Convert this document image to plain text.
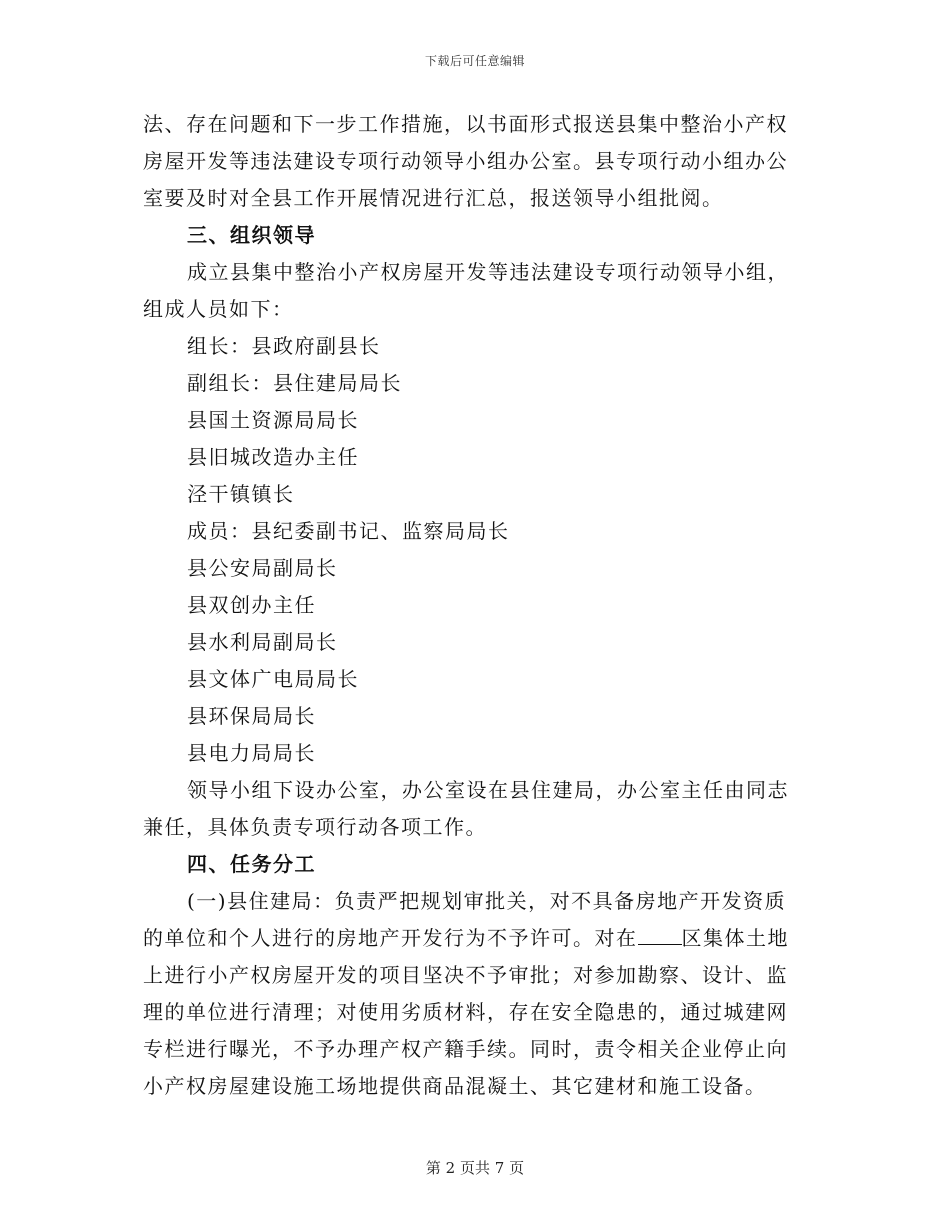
下载后可任意编辑
法、存在问题和下一步工作措施，以书面形式报送县集中整治小产权
房屋开发等违法建设专项行动领导小组办公室。县专项行动小组办公
室要及时对全县工作开展情况进行汇总，报送领导小组批阅。
三、组织领导
成立县集中整治小产权房屋开发等违法建设专项行动领导小组，
组成人员如下：
组长：县政府副县长
副组长：县住建局局长
县国土资源局局长
县旧城改造办主任
泾干镇镇长
成员：县纪委副书记、监察局局长
县公安局副局长
县双创办主任
县水利局副局长
县文体广电局局长
县环保局局长
县电力局局长
领导小组下设办公室，办公室设在县住建局，办公室主任由同志
兼任，具体负责专项行动各项工作。
四、任务分工
(一)县住建局：负责严把规划审批关，对不具备房地产开发资质
的单位和个人进行的房地产开发行为不予许可。对在 区集体土地
上进行小产权房屋开发的项目坚决不予审批；对参加勘察、设计、监
理的单位进行清理；对使用劣质材料，存在安全隐患的，通过城建网
专栏进行曝光，不予办理产权产籍手续。同时，责令相关企业停止向
小产权房屋建设施工场地提供商品混凝土、其它建材和施工设备。
第 2 页共 7 页
